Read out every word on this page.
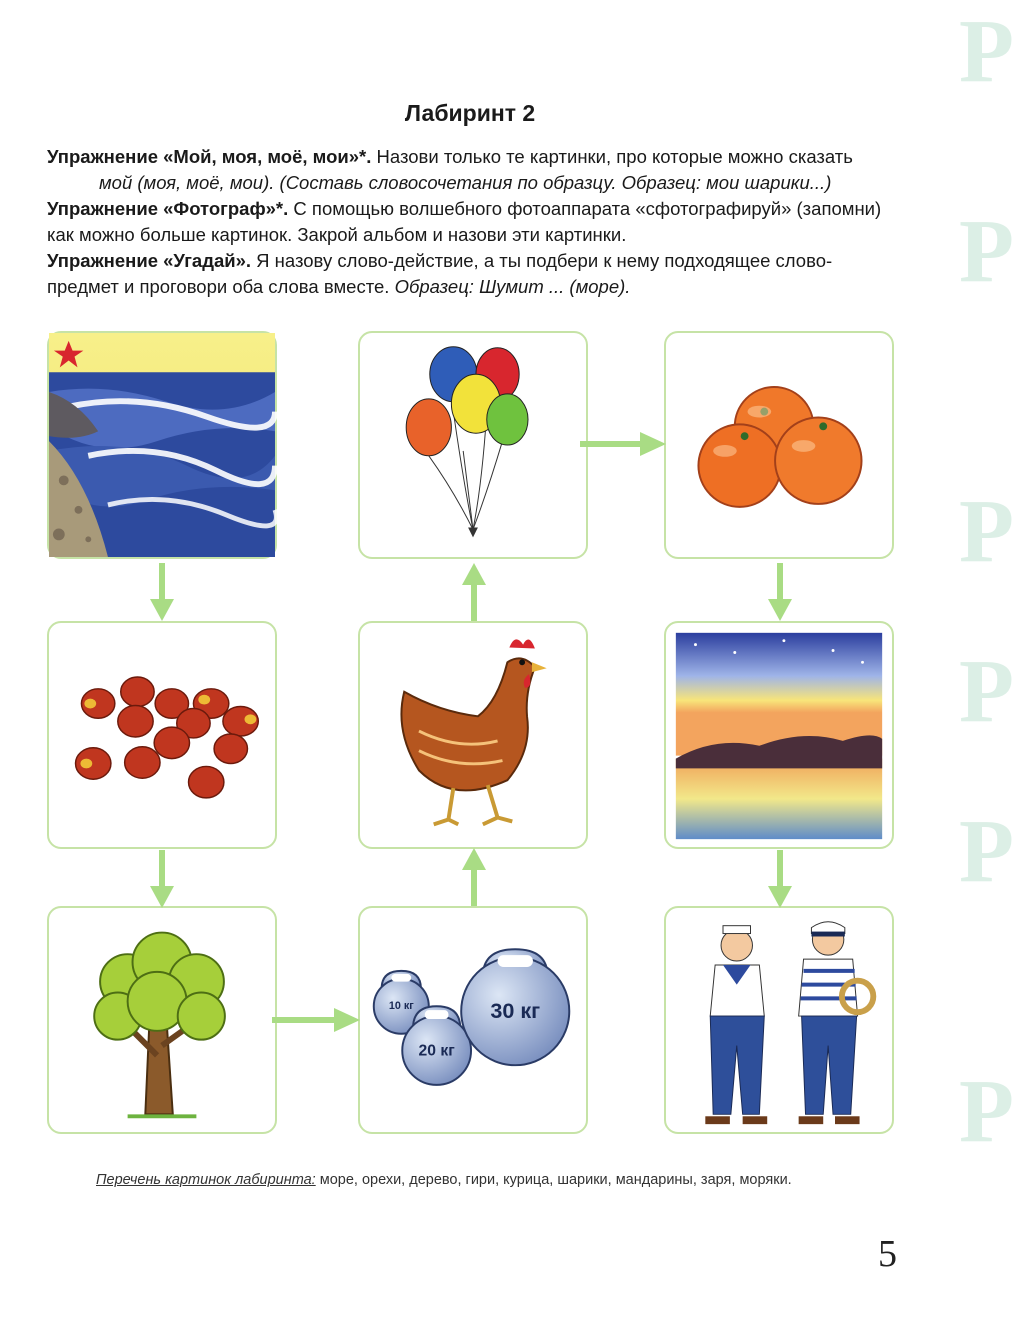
Р
Р
Р
Р
Р
Р
Лабиринт 2
Упражнение «Мой, моя, моё, мои»*. Назови только те картинки, про которые можно сказать
мой (моя, моё, мои). (Составь словосочетания по образцу. Образец: мои шарики...)
Упражнение «Фотограф»*. С помощью волшебного фотоаппарата «сфотографируй» (запомни) как можно больше картинок. Закрой альбом и назови эти картинки.
Упражнение «Угадай». Я назову слово-действие, а ты подбери к нему подходящее слово-предмет и проговори оба слова вместе. Образец: Шумит ... (море).
10 кг
20 кг
30 кг
Перечень картинок лабиринта: море, орехи, дерево, гири, курица, шарики, мандарины, заря, моряки.
5
